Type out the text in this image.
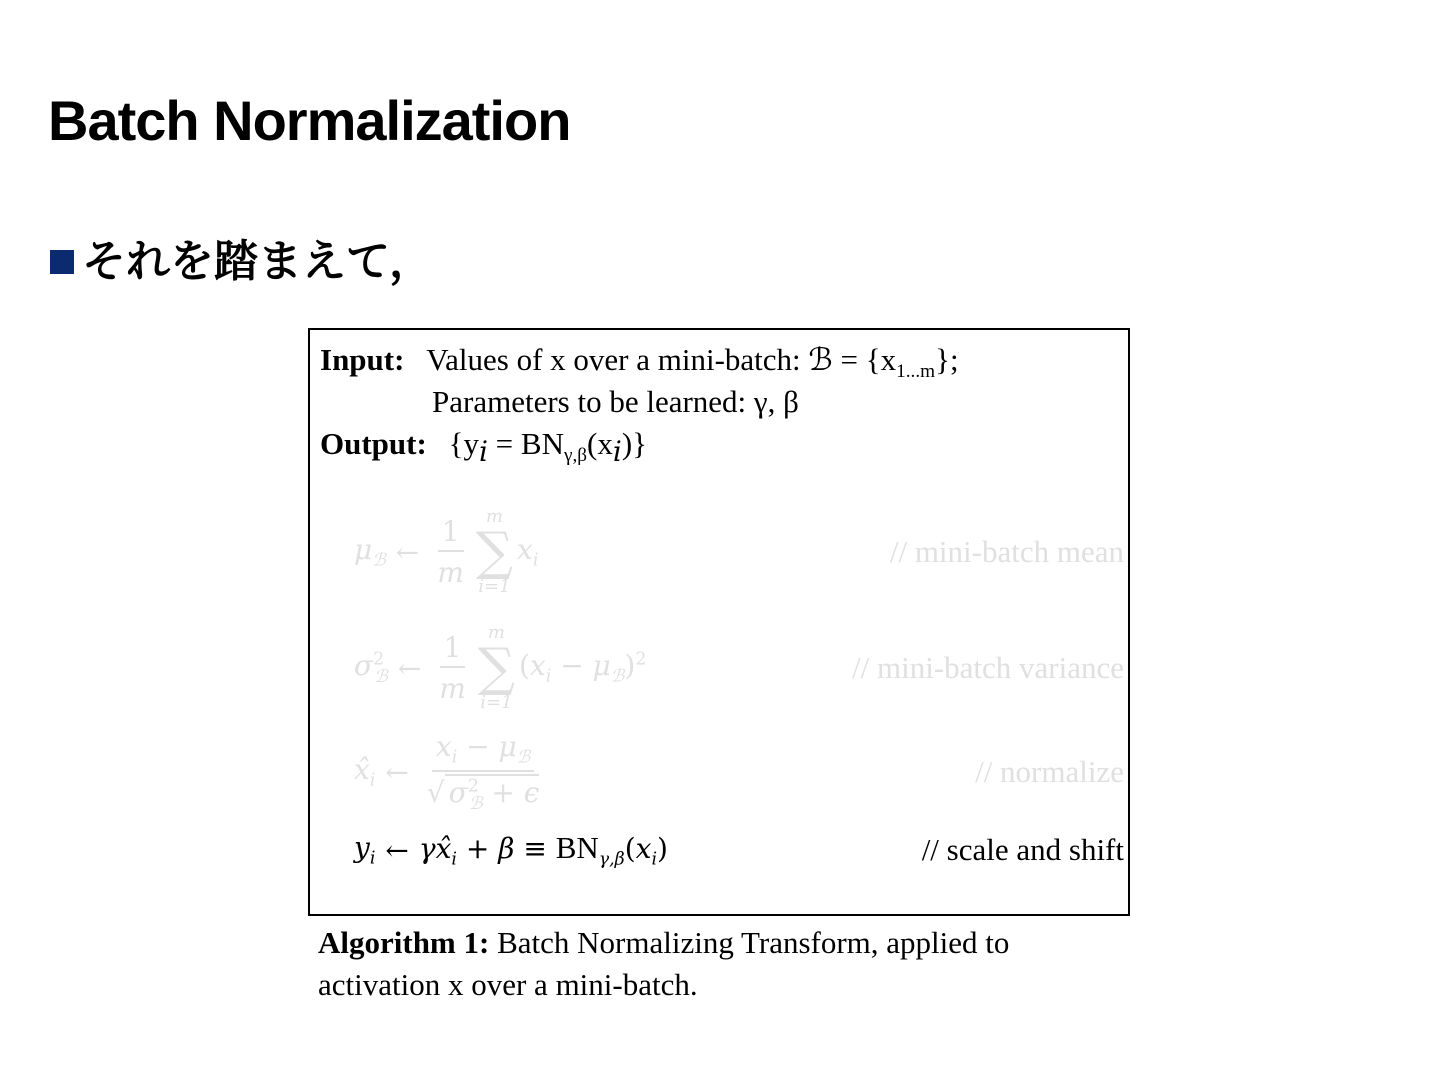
Batch Normalization
それを踏まえて，
Input: Values of x over a mini-batch: ℬ = $\{x_{1...m}\}$;
Parameters to be learned: γ, β
Output: $\{y_i = BN_{\gamma,\beta}(x_i)\}$
$\mu_ℬ$ ← $\frac{1}{m}$ m
∑
i=1
$x_i$	// mini-batch mean
$\sigma^2_ℬ$ ← $\frac{1}{m}$ m
∑
i=1
$(x_i - \mu_ℬ)^2$	// mini-batch variance
$x̂_i$ ← $\frac{x_i - \mu_ℬ}{√ \sigma^2_ℬ + \epsilon}$	// normalize
$y_i$ ← $\gamma x̂_i + \beta \equiv BN_{\gamma,\beta}(x_i)$	// scale and shift
Algorithm 1: Batch Normalizing Transform, applied to activation x over a mini-batch.
